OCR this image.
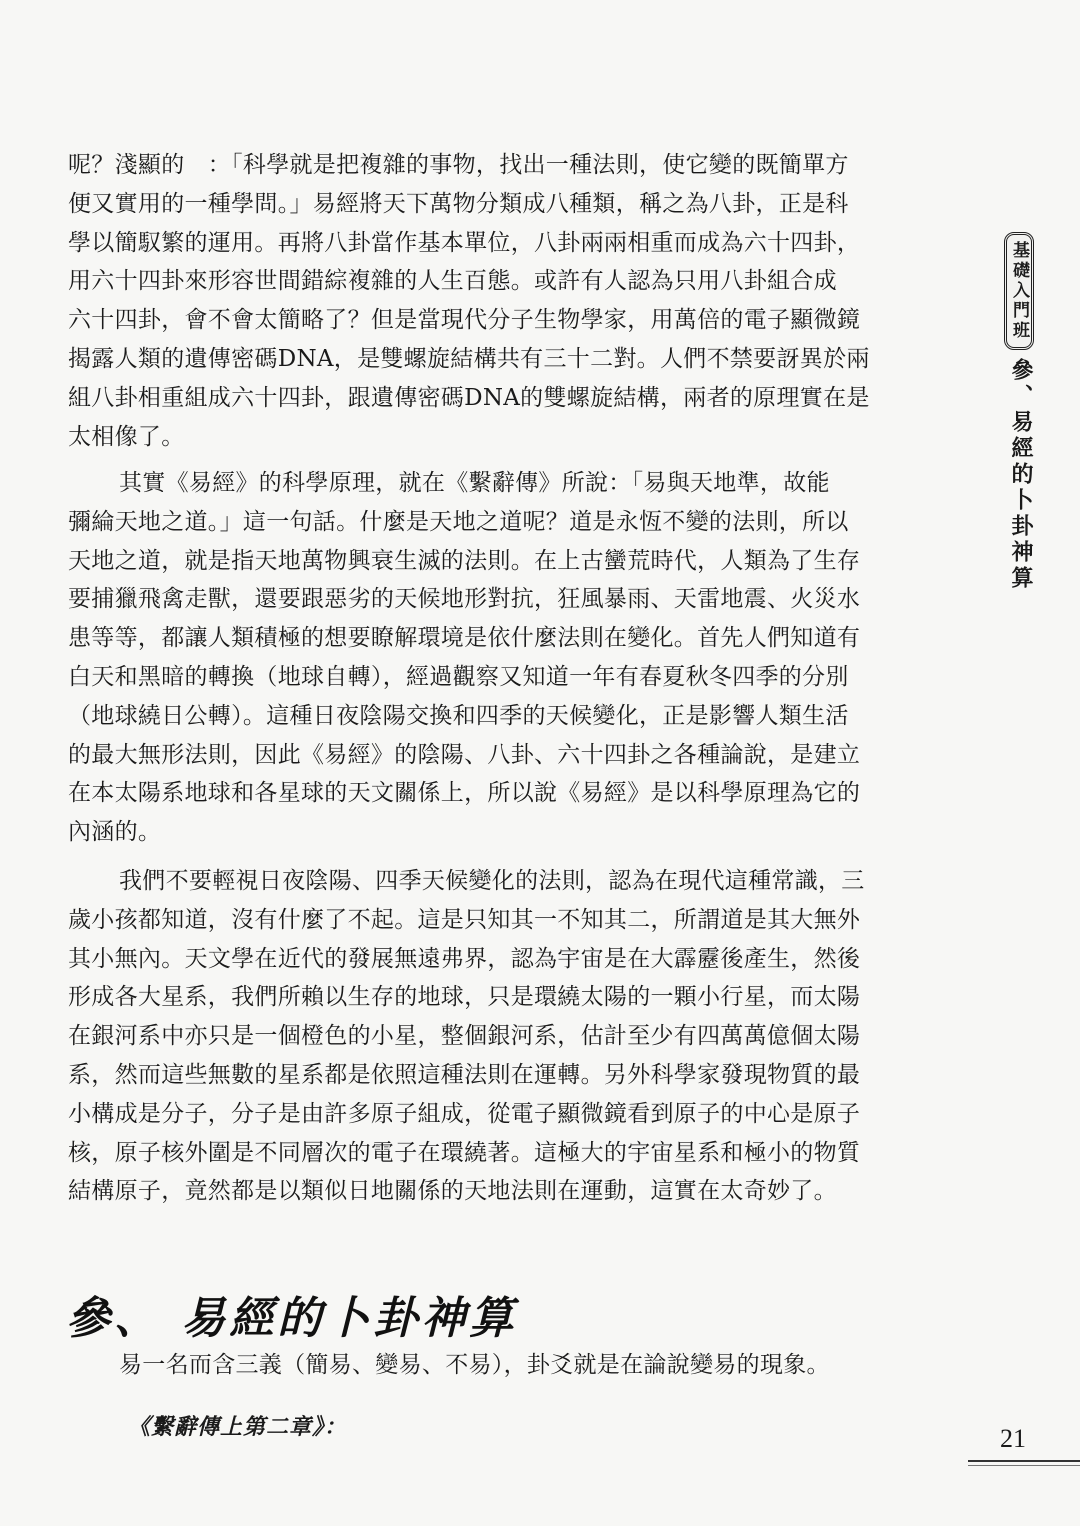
呢？淺顯的　：「科學就是把複雜的事物，找出一種法則，使它變的既簡單方
便又實用的一種學問。」易經將天下萬物分類成八種類，稱之為八卦，正是科
學以簡馭繁的運用。再將八卦當作基本單位，八卦兩兩相重而成為六十四卦，
用六十四卦來形容世間錯綜複雜的人生百態。或許有人認為只用八卦組合成
六十四卦，會不會太簡略了？但是當現代分子生物學家，用萬倍的電子顯微鏡
揭露人類的遺傳密碼DNA，是雙螺旋結構共有三十二對。人們不禁要訝異於兩
組八卦相重組成六十四卦，跟遺傳密碼DNA的雙螺旋結構，兩者的原理實在是
太相像了。
其實《易經》的科學原理，就在《繫辭傳》所說：「易與天地準，故能
彌綸天地之道。」這一句話。什麼是天地之道呢？道是永恆不變的法則，所以
天地之道，就是指天地萬物興衰生滅的法則。在上古蠻荒時代，人類為了生存
要捕獵飛禽走獸，還要跟惡劣的天候地形對抗，狂風暴雨、天雷地震、火災水
患等等，都讓人類積極的想要瞭解環境是依什麼法則在變化。首先人們知道有
白天和黑暗的轉換（地球自轉），經過觀察又知道一年有春夏秋冬四季的分別
（地球繞日公轉）。這種日夜陰陽交換和四季的天候變化，正是影響人類生活
的最大無形法則，因此《易經》的陰陽、八卦、六十四卦之各種論說，是建立
在本太陽系地球和各星球的天文關係上，所以說《易經》是以科學原理為它的
內涵的。
我們不要輕視日夜陰陽、四季天候變化的法則，認為在現代這種常識，三
歲小孩都知道，沒有什麼了不起。這是只知其一不知其二，所謂道是其大無外
其小無內。天文學在近代的發展無遠弗界，認為宇宙是在大霹靂後產生，然後
形成各大星系，我們所賴以生存的地球，只是環繞太陽的一顆小行星，而太陽
在銀河系中亦只是一個橙色的小星，整個銀河系，估計至少有四萬萬億個太陽
系，然而這些無數的星系都是依照這種法則在運轉。另外科學家發現物質的最
小構成是分子，分子是由許多原子組成，從電子顯微鏡看到原子的中心是原子
核，原子核外圍是不同層次的電子在環繞著。這極大的宇宙星系和極小的物質
結構原子，竟然都是以類似日地關係的天地法則在運動，這實在太奇妙了。
參、 易經的卜卦神算
易一名而含三義（簡易、變易、不易），卦爻就是在論說變易的現象。
《繫辭傳上第二章》：
基礎入門班
參、易經的卜卦神算
21
